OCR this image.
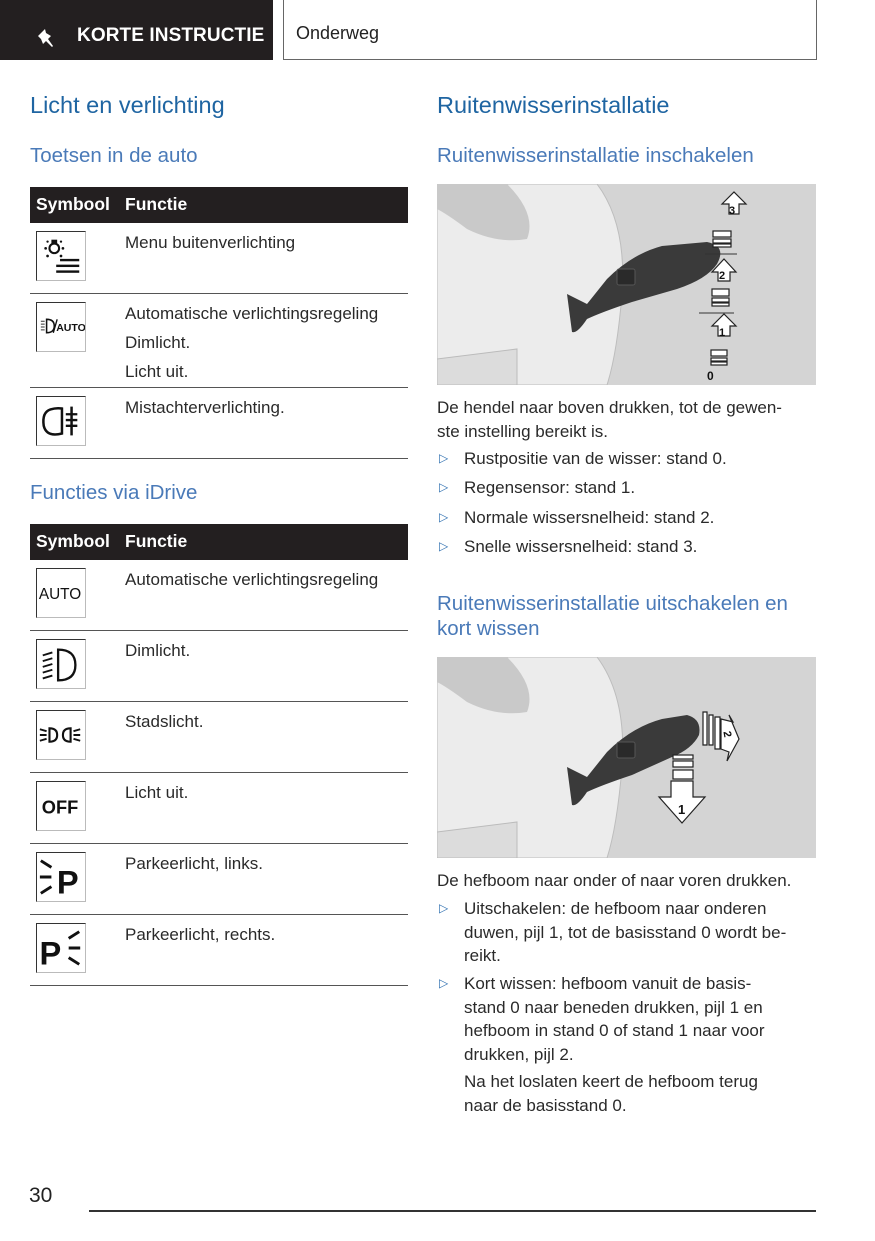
KORTE INSTRUCTIE Onderweg
Licht en verlichting
Toetsen in de auto
Symbool Functie
Menu buitenverlichting
AUTO
Automatische verlichtingsregeling
Dimlicht.
Licht uit.
Mistachterverlichting.
Functies via iDrive
Symbool Functie
AUTO
Automatische verlichtingsregeling
Dimlicht.
Stadslicht.
OFF
Licht uit.
P	Parkeerlicht, links.
P	Parkeerlicht, rechts.
Ruitenwisserinstallatie
Ruitenwisserinstallatie inschakelen
3
2
1
0
De hendel naar boven drukken, tot de gewen-
ste instelling bereikt is.
▷ Rustpositie van de wisser: stand 0.
▷ Regensensor: stand 1.
▷ Normale wissersnelheid: stand 2.
▷ Snelle wissersnelheid: stand 3.
Ruitenwisserinstallatie uitschakelen en
kort wissen
1
2
De hefboom naar onder of naar voren drukken.
▷ Uitschakelen: de hefboom naar onderen
duwen, pijl 1, tot de basisstand 0 wordt be-
reikt.
▷ Kort wissen: hefboom vanuit de basis-
stand 0 naar beneden drukken, pijl 1 en
hefboom in stand 0 of stand 1 naar voor
drukken, pijl 2.
Na het loslaten keert de hefboom terug
naar de basisstand 0.
30
